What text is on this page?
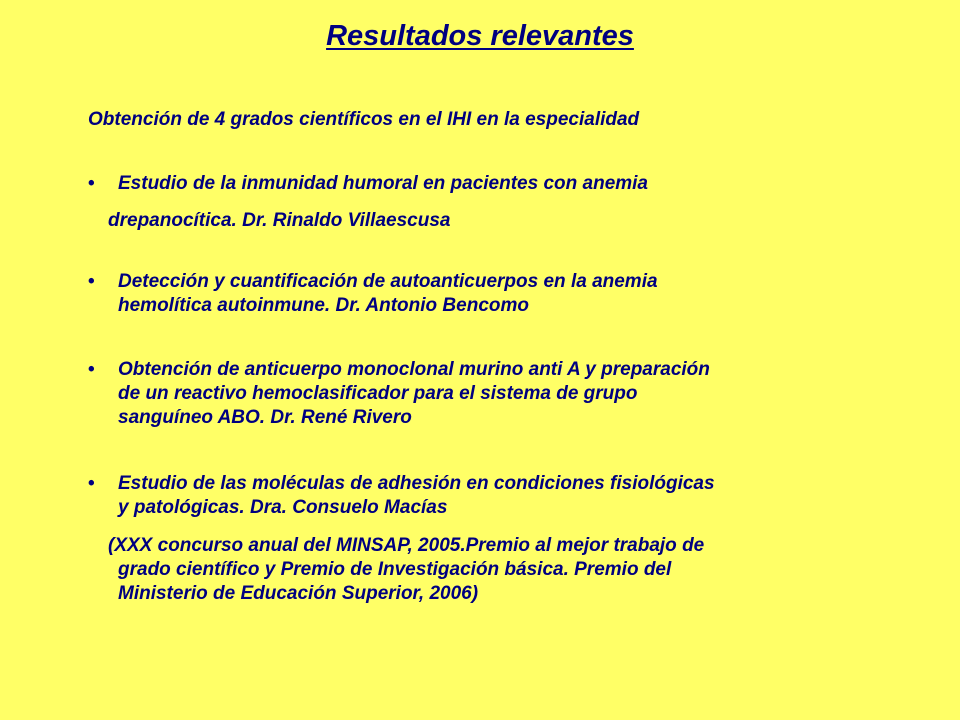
Resultados relevantes

Obtención de 4 grados científicos en el IHI en la especialidad

•	Estudio de la inmunidad humoral en pacientes con anemia
drepanocítica. Dr. Rinaldo Villaescusa
•	Detección y cuantificación de autoanticuerpos en la anemia
hemolítica autoinmune. Dr. Antonio Bencomo
•	Obtención de anticuerpo monoclonal murino anti A y preparación
de un reactivo hemoclasificador para el sistema de grupo
sanguíneo ABO. Dr. René Rivero
•	Estudio de las moléculas de adhesión en condiciones fisiológicas
y patológicas. Dra. Consuelo Macías
(XXX concurso anual del MINSAP, 2005.Premio al mejor trabajo de
grado científico y Premio de Investigación básica. Premio del
Ministerio de Educación Superior, 2006)
